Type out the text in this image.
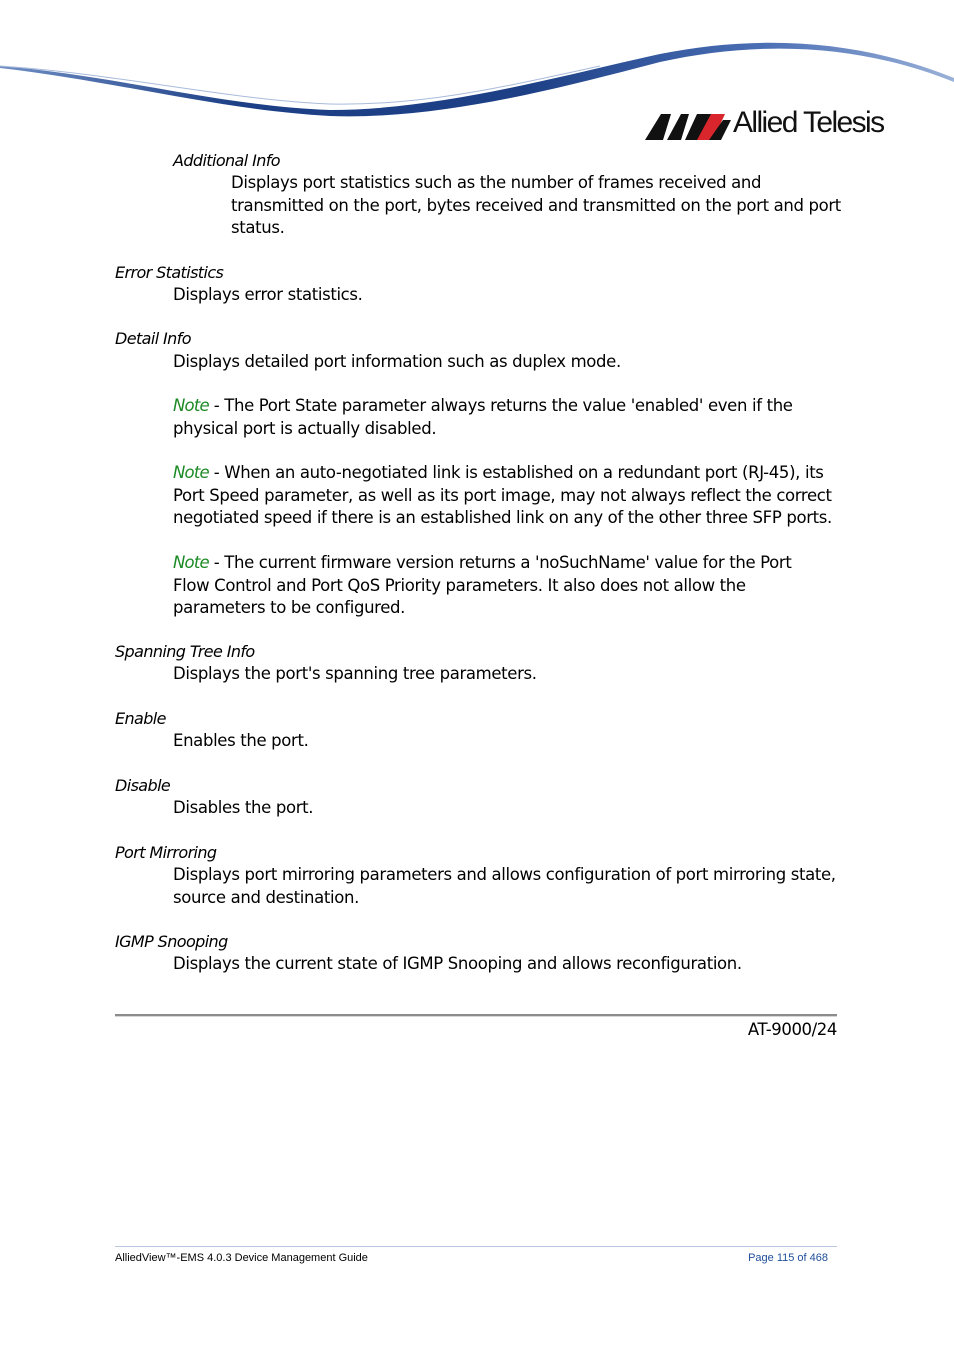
Allied Telesis
Additional Info
Displays port statistics such as the number of frames received and transmitted on the port, bytes received and transmitted on the port and port status.
Error Statistics
Displays error statistics.
Detail Info
Displays detailed port information such as duplex mode.
Note - The Port State parameter always returns the value 'enabled' even if the physical port is actually disabled.
Note - When an auto-negotiated link is established on a redundant port (RJ-45), its Port Speed parameter, as well as its port image, may not always reflect the correct negotiated speed if there is an established link on any of the other three SFP ports.
Note - The current firmware version returns a 'noSuchName' value for the Port Flow Control and Port QoS Priority parameters. It also does not allow the parameters to be configured.
Spanning Tree Info
Displays the port's spanning tree parameters.
Enable
Enables the port.
Disable
Disables the port.
Port Mirroring
Displays port mirroring parameters and allows configuration of port mirroring state, source and destination.
IGMP Snooping
Displays the current state of IGMP Snooping and allows reconfiguration.
AT-9000/24
AlliedView™-EMS 4.0.3 Device Management Guide	Page 115 of 468
